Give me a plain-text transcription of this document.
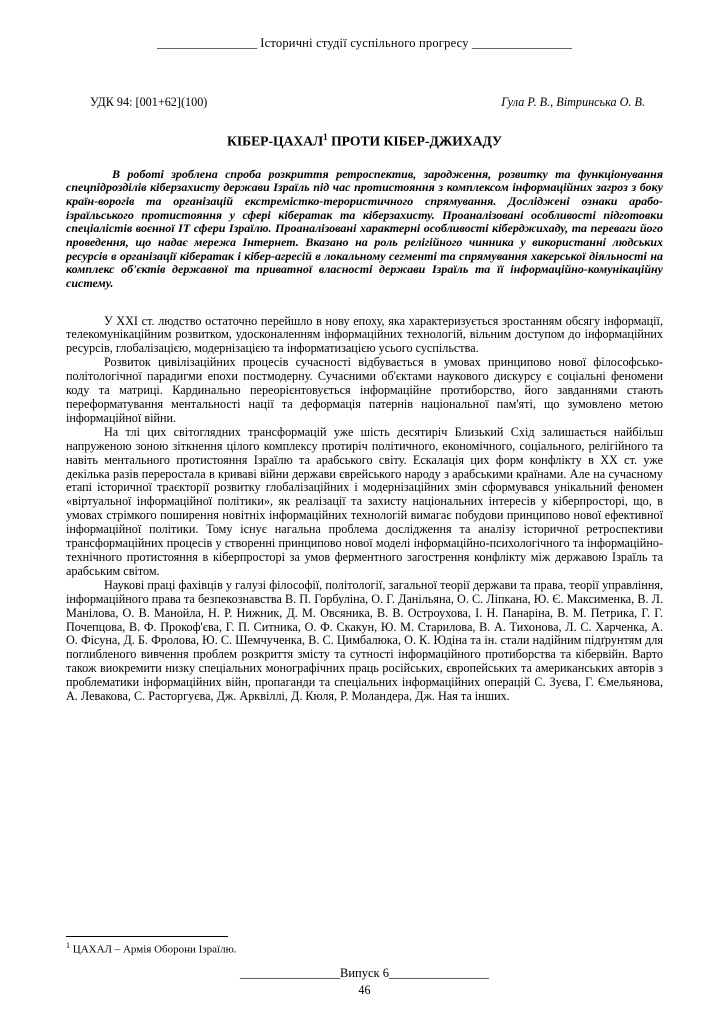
________________ Історичні студії суспільного прогресу ________________
УДК 94: [001+62](100)	Гула Р. В., Вітринська О. В.
КІБЕР-ЦАХАЛ$^1$ ПРОТИ КІБЕР-ДЖИХАДУ

В роботі зроблена спроба розкриття ретроспектив, зародження, розвитку та функціонування спецпідрозділів кіберзахисту держави Ізраїль під час протистояння з комплексом інформаційних загроз з боку країн-ворогів та організацій екстремістко-терористичного спрямування. Досліджені ознаки арабо-ізраїльського протистояння у сфері кібератак та кіберзахисту. Проаналізовані особливості підготовки спеціалістів воєнної ІТ сфери Ізраїлю. Проаналізовані характерні особливості кіберджихаду, та переваги його проведення, що надає мережа Інтернет. Вказано на роль релігійного чинника у використанні людських ресурсів в організації кібератак і кібер-агресій в локальному сегменті та спрямування хакерської діяльності на комплекс об'єктів державної та приватної власності держави Ізраїль та її інформаційно-комунікаційну систему.

У XXI ст. людство остаточно перейшло в нову епоху, яка характеризується зростанням обсягу інформації, телекомунікаційним розвитком, удосконаленням інформаційних технологій, вільним доступом до інформаційних ресурсів, глобалізацією, модернізацією та інформатизацією усього суспільства.

Розвиток цивілізаційних процесів сучасності відбувається в умовах принципово нової філософсько-політологічної парадигми епохи постмодерну. Сучасними об'єктами наукового дискурсу є соціальні феномени коду та матриці. Кардинально переорієнтовується інформаційне протиборство, його завданнями стають переформатування ментальності нації та деформація патернів національної пам'яті, що зумовлено метою інформаційної війни.

На тлі цих світоглядних трансформацій уже шість десятиріч Близький Схід залишається найбільш напруженою зоною зіткнення цілого комплексу протиріч політичного, економічного, соціального, релігійного та навіть ментального протистояння Ізраїлю та арабського світу. Ескалація цих форм конфлікту в XX ст. уже декілька разів переростала в криваві війни держави єврейського народу з арабськими країнами. Але на сучасному етапі історичної траєкторії розвитку глобалізаційних і модернізаційних змін сформувався унікальний феномен «віртуальної інформаційної політики», як реалізації та захисту національних інтересів у кіберпросторі, що, в умовах стрімкого поширення новітніх інформаційних технологій вимагає побудови принципово нової ефективної інформаційної політики. Тому існує нагальна проблема дослідження та аналізу історичної ретроспективи трансформаційних процесів у створенні принципово нової моделі інформаційно-психологічного та інформаційно-технічного протистояння в кіберпросторі за умов ферментного загострення конфлікту між державою Ізраїль та арабським світом.

Наукові праці фахівців у галузі філософії, політології, загальної теорії держави та права, теорії управління, інформаційного права та безпекознавства В. П. Горбуліна, О. Г. Данільяна, О. С. Ліпкана, Ю. Є. Максименка, В. Л. Манілова, О. В. Манойла, Н. Р. Нижник, Д. М. Овсяника, В. В. Остроухова, І. Н. Панаріна, В. М. Петрика, Г. Г. Почепцова, В. Ф. Прокоф'єва, Г. П. Ситника, О. Ф. Скакун, Ю. М. Старилова, В. А. Тихонова, Л. С. Харченка, А. О. Фісуна, Д. Б. Фролова, Ю. С. Шемчученка, В. С. Цимбалюка, О. К. Юдіна та ін. стали надійним підґрунтям для поглибленого вивчення проблем розкриття змісту та сутності інформаційного протиборства та кібервійн. Варто також виокремити низку спеціальних монографічних праць російських, європейських та американських авторів з проблематики інформаційних війн, пропаганди та спеціальних інформаційних операцій С. Зуєва, Г. Ємельянова, А. Левакова, С. Расторгуєва, Дж. Арквіллі, Д. Кюля, Р. Моландера, Дж. Ная та інших.

$^1$ ЦАХАЛ – Армія Оборони Ізраїлю.

________________Випуск 6________________
46
